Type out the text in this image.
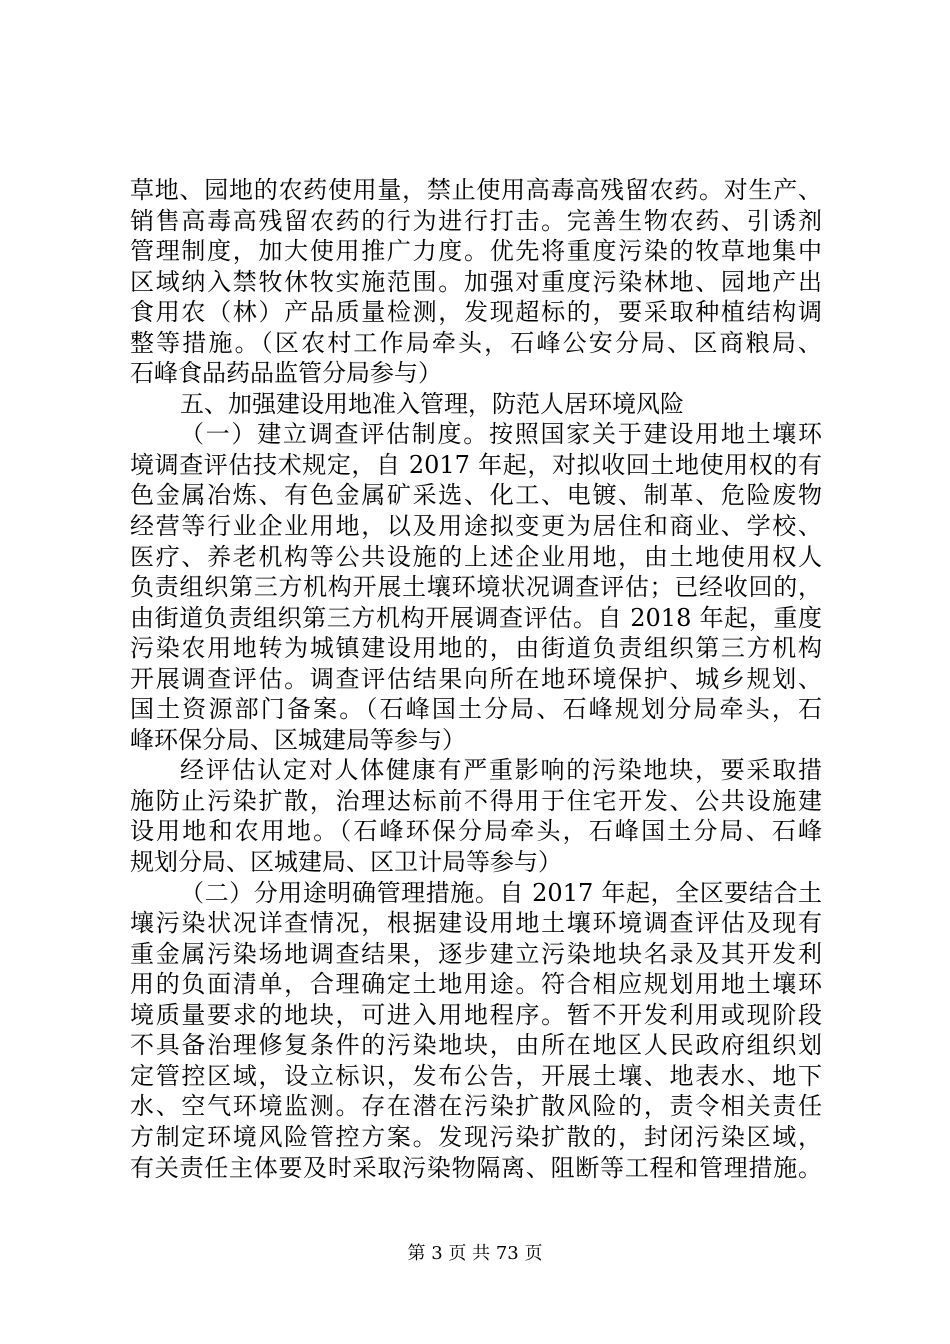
草地、园地的农药使用量，禁止使用高毒高残留农药。对生产、
销售高毒高残留农药的行为进行打击。完善生物农药、引诱剂
管理制度，加大使用推广力度。优先将重度污染的牧草地集中
区域纳入禁牧休牧实施范围。加强对重度污染林地、园地产出
食用农（林）产品质量检测，发现超标的，要采取种植结构调
整等措施。（区农村工作局牵头，石峰公安分局、区商粮局、
石峰食品药品监管分局参与）
五、加强建设用地准入管理，防范人居环境风险
（一）建立调查评估制度。按照国家关于建设用地土壤环
境调查评估技术规定，自 2017 年起，对拟收回土地使用权的有
色金属冶炼、有色金属矿采选、化工、电镀、制革、危险废物
经营等行业企业用地，以及用途拟变更为居住和商业、学校、
医疗、养老机构等公共设施的上述企业用地，由土地使用权人
负责组织第三方机构开展土壤环境状况调查评估；已经收回的，
由街道负责组织第三方机构开展调查评估。自 2018 年起，重度
污染农用地转为城镇建设用地的，由街道负责组织第三方机构
开展调查评估。调查评估结果向所在地环境保护、城乡规划、
国土资源部门备案。（石峰国土分局、石峰规划分局牵头，石
峰环保分局、区城建局等参与）
经评估认定对人体健康有严重影响的污染地块，要采取措
施防止污染扩散，治理达标前不得用于住宅开发、公共设施建
设用地和农用地。（石峰环保分局牵头，石峰国土分局、石峰
规划分局、区城建局、区卫计局等参与）
（二）分用途明确管理措施。自 2017 年起，全区要结合土
壤污染状况详查情况，根据建设用地土壤环境调查评估及现有
重金属污染场地调查结果，逐步建立污染地块名录及其开发利
用的负面清单，合理确定土地用途。符合相应规划用地土壤环
境质量要求的地块，可进入用地程序。暂不开发利用或现阶段
不具备治理修复条件的污染地块，由所在地区人民政府组织划
定管控区域，设立标识，发布公告，开展土壤、地表水、地下
水、空气环境监测。存在潜在污染扩散风险的，责令相关责任
方制定环境风险管控方案。发现污染扩散的，封闭污染区域，
有关责任主体要及时采取污染物隔离、阻断等工程和管理措施。
第 3 页 共 73 页
